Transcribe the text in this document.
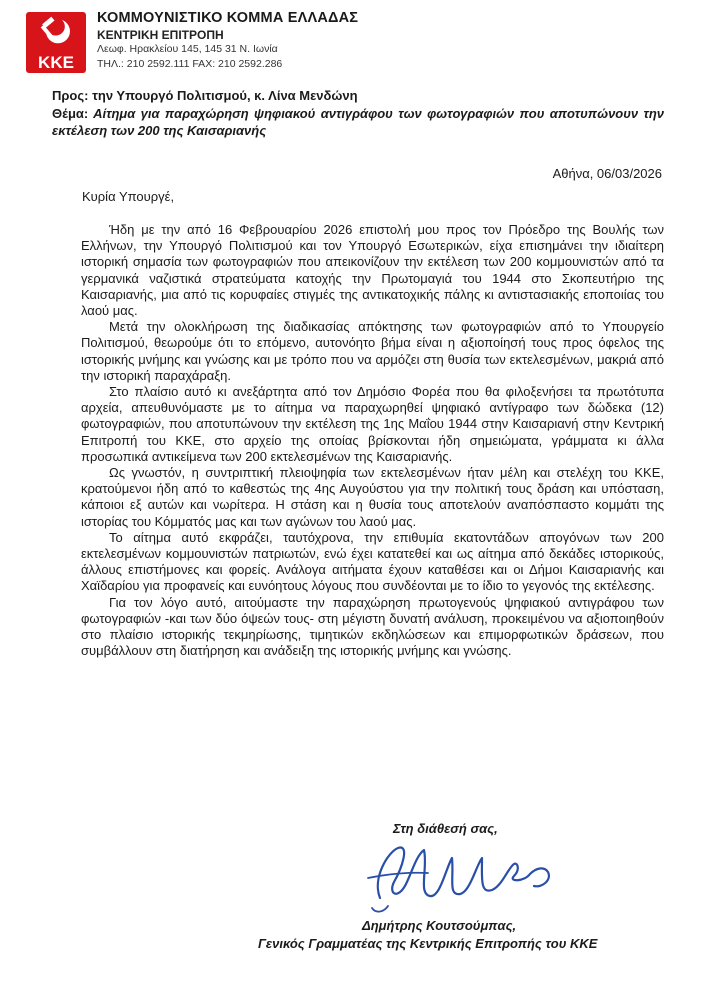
ΚΚΕ
ΚΟΜΜΟΥΝΙΣΤΙΚΟ ΚΟΜΜΑ ΕΛΛΑΔΑΣ
ΚΕΝΤΡΙΚΗ ΕΠΙΤΡΟΠΗ
Λεωφ. Ηρακλείου 145, 145 31 Ν. Ιωνία
ΤΗΛ.: 210 2592.111 FAX: 210 2592.286
Προς: την Υπουργό Πολιτισμού, κ. Λίνα Μενδώνη
Θέμα: Αίτημα για παραχώρηση ψηφιακού αντιγράφου των φωτογραφιών που αποτυπώνουν την εκτέλεση των 200 της Καισαριανής
Αθήνα, 06/03/2026
Κυρία Υπουργέ,

Ήδη με την από 16 Φεβρουαρίου 2026 επιστολή μου προς τον Πρόεδρο της Βουλής των Ελλήνων, την Υπουργό Πολιτισμού και τον Υπουργό Εσωτερικών, είχα επισημάνει την ιδιαίτερη ιστορική σημασία των φωτογραφιών που απεικονίζουν την εκτέλεση των 200 κομμουνιστών από τα γερμανικά ναζιστικά στρατεύματα κατοχής την Πρωτομαγιά του 1944 στο Σκοπευτήριο της Καισαριανής, μια από τις κορυφαίες στιγμές της αντικατοχικής πάλης κι αντιστασιακής εποποιίας του λαού μας.

Μετά την ολοκλήρωση της διαδικασίας απόκτησης των φωτογραφιών από το Υπουργείο Πολιτισμού, θεωρούμε ότι το επόμενο, αυτονόητο βήμα είναι η αξιοποίησή τους προς όφελος της ιστορικής μνήμης και γνώσης και με τρόπο που να αρμόζει στη θυσία των εκτελεσμένων, μακριά από την ιστορική παραχάραξη.

Στο πλαίσιο αυτό κι ανεξάρτητα από τον Δημόσιο Φορέα που θα φιλοξενήσει τα πρωτότυπα αρχεία, απευθυνόμαστε με το αίτημα να παραχωρηθεί ψηφιακό αντίγραφο των δώδεκα (12) φωτογραφιών, που αποτυπώνουν την εκτέλεση της 1ης Μαΐου 1944 στην Καισαριανή στην Κεντρική Επιτροπή του ΚΚΕ, στο αρχείο της οποίας βρίσκονται ήδη σημειώματα, γράμματα κι άλλα προσωπικά αντικείμενα των 200 εκτελεσμένων της Καισαριανής.

Ως γνωστόν, η συντριπτική πλειοψηφία των εκτελεσμένων ήταν μέλη και στελέχη του ΚΚΕ, κρατούμενοι ήδη από το καθεστώς της 4ης Αυγούστου για την πολιτική τους δράση και υπόσταση, κάποιοι εξ αυτών και νωρίτερα. Η στάση και η θυσία τους αποτελούν αναπόσπαστο κομμάτι της ιστορίας του Κόμματός μας και των αγώνων του λαού μας.

Το αίτημα αυτό εκφράζει, ταυτόχρονα, την επιθυμία εκατοντάδων απογόνων των 200 εκτελεσμένων κομμουνιστών πατριωτών, ενώ έχει κατατεθεί και ως αίτημα από δεκάδες ιστορικούς, άλλους επιστήμονες και φορείς. Ανάλογα αιτήματα έχουν καταθέσει και οι Δήμοι Καισαριανής και Χαϊδαρίου για προφανείς και ευνόητους λόγους που συνδέονται με το ίδιο το γεγονός της εκτέλεσης.

Για τον λόγο αυτό, αιτούμαστε την παραχώρηση πρωτογενούς ψηφιακού αντιγράφου των φωτογραφιών -και των δύο όψεών τους- στη μέγιστη δυνατή ανάλυση, προκειμένου να αξιοποιηθούν στο πλαίσιο ιστορικής τεκμηρίωσης, τιμητικών εκδηλώσεων και επιμορφωτικών δράσεων, που συμβάλλουν στη διατήρηση και ανάδειξη της ιστορικής μνήμης και γνώσης.

Στη διάθεσή σας,
Δημήτρης Κουτσούμπας,
Γενικός Γραμματέας της Κεντρικής Επιτροπής του ΚΚΕ
